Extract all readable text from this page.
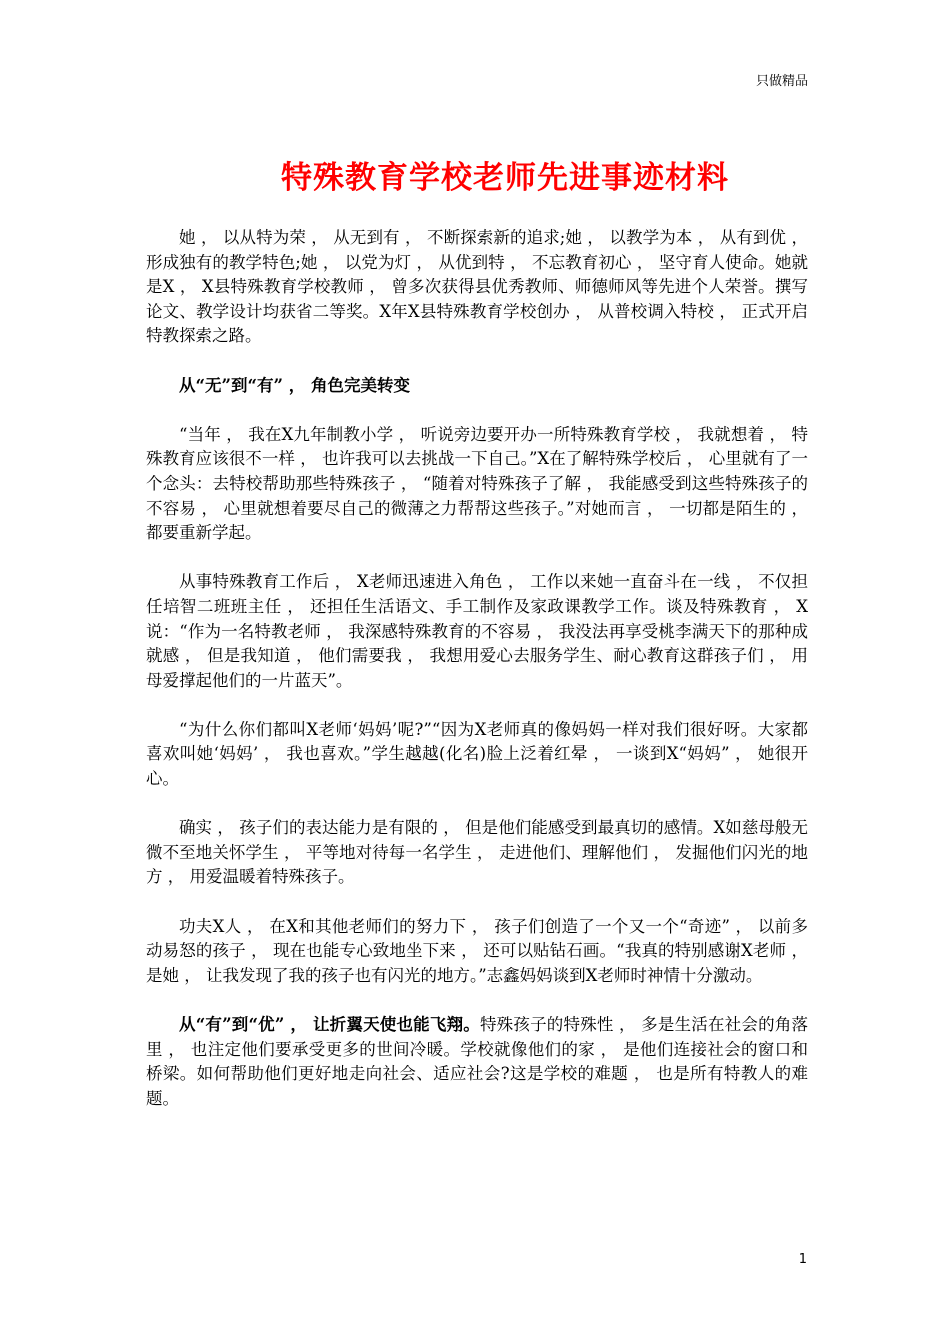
只做精品
特殊教育学校老师先进事迹材料

她 ， 以从特为荣 ， 从无到有 ， 不断探索新的追求;她 ， 以教学为本 ， 从有到优 ， 形成独有的教学特色;她 ， 以党为灯 ， 从优到特 ， 不忘教育初心 ， 坚守育人使命。她就是X ， X县特殊教育学校教师 ， 曾多次获得县优秀教师、师德师风等先进个人荣誉。撰写论文、教学设计均获省二等奖。X年X县特殊教育学校创办 ， 从普校调入特校 ， 正式开启特教探索之路。

从“无”到“有” ， 角色完美转变

“当年 ， 我在X九年制教小学 ， 听说旁边要开办一所特殊教育学校 ， 我就想着 ， 特殊教育应该很不一样 ， 也许我可以去挑战一下自己。”X在了解特殊学校后 ， 心里就有了一个念头：去特校帮助那些特殊孩子 ， “随着对特殊孩子了解 ， 我能感受到这些特殊孩子的不容易 ， 心里就想着要尽自己的微薄之力帮帮这些孩子。”对她而言 ， 一切都是陌生的 ， 都要重新学起。

从事特殊教育工作后 ， X老师迅速进入角色 ， 工作以来她一直奋斗在一线 ， 不仅担任培智二班班主任 ， 还担任生活语文、手工制作及家政课教学工作。谈及特殊教育 ， X说：“作为一名特教老师 ， 我深感特殊教育的不容易 ， 我没法再享受桃李满天下的那种成就感 ， 但是我知道 ， 他们需要我 ， 我想用爱心去服务学生、耐心教育这群孩子们 ， 用母爱撑起他们的一片蓝天”。

“为什么你们都叫X老师‘妈妈’呢?”“因为X老师真的像妈妈一样对我们很好呀。大家都喜欢叫她‘妈妈’ ， 我也喜欢。”学生越越(化名)脸上泛着红晕 ， 一谈到X“妈妈” ， 她很开心。

确实 ， 孩子们的表达能力是有限的 ， 但是他们能感受到最真切的感情。X如慈母般无微不至地关怀学生 ， 平等地对待每一名学生 ， 走进他们、理解他们 ， 发掘他们闪光的地方 ， 用爱温暖着特殊孩子。

功夫X人 ， 在X和其他老师们的努力下 ， 孩子们创造了一个又一个“奇迹” ， 以前多动易怒的孩子 ， 现在也能专心致地坐下来 ， 还可以贴钻石画。“我真的特别感谢X老师 ， 是她 ， 让我发现了我的孩子也有闪光的地方。”志鑫妈妈谈到X老师时神情十分激动。

从“有”到“优” ， 让折翼天使也能飞翔。特殊孩子的特殊性 ， 多是生活在社会的角落里 ， 也注定他们要承受更多的世间冷暖。学校就像他们的家 ， 是他们连接社会的窗口和桥梁。如何帮助他们更好地走向社会、适应社会?这是学校的难题 ， 也是所有特教人的难题。

1
